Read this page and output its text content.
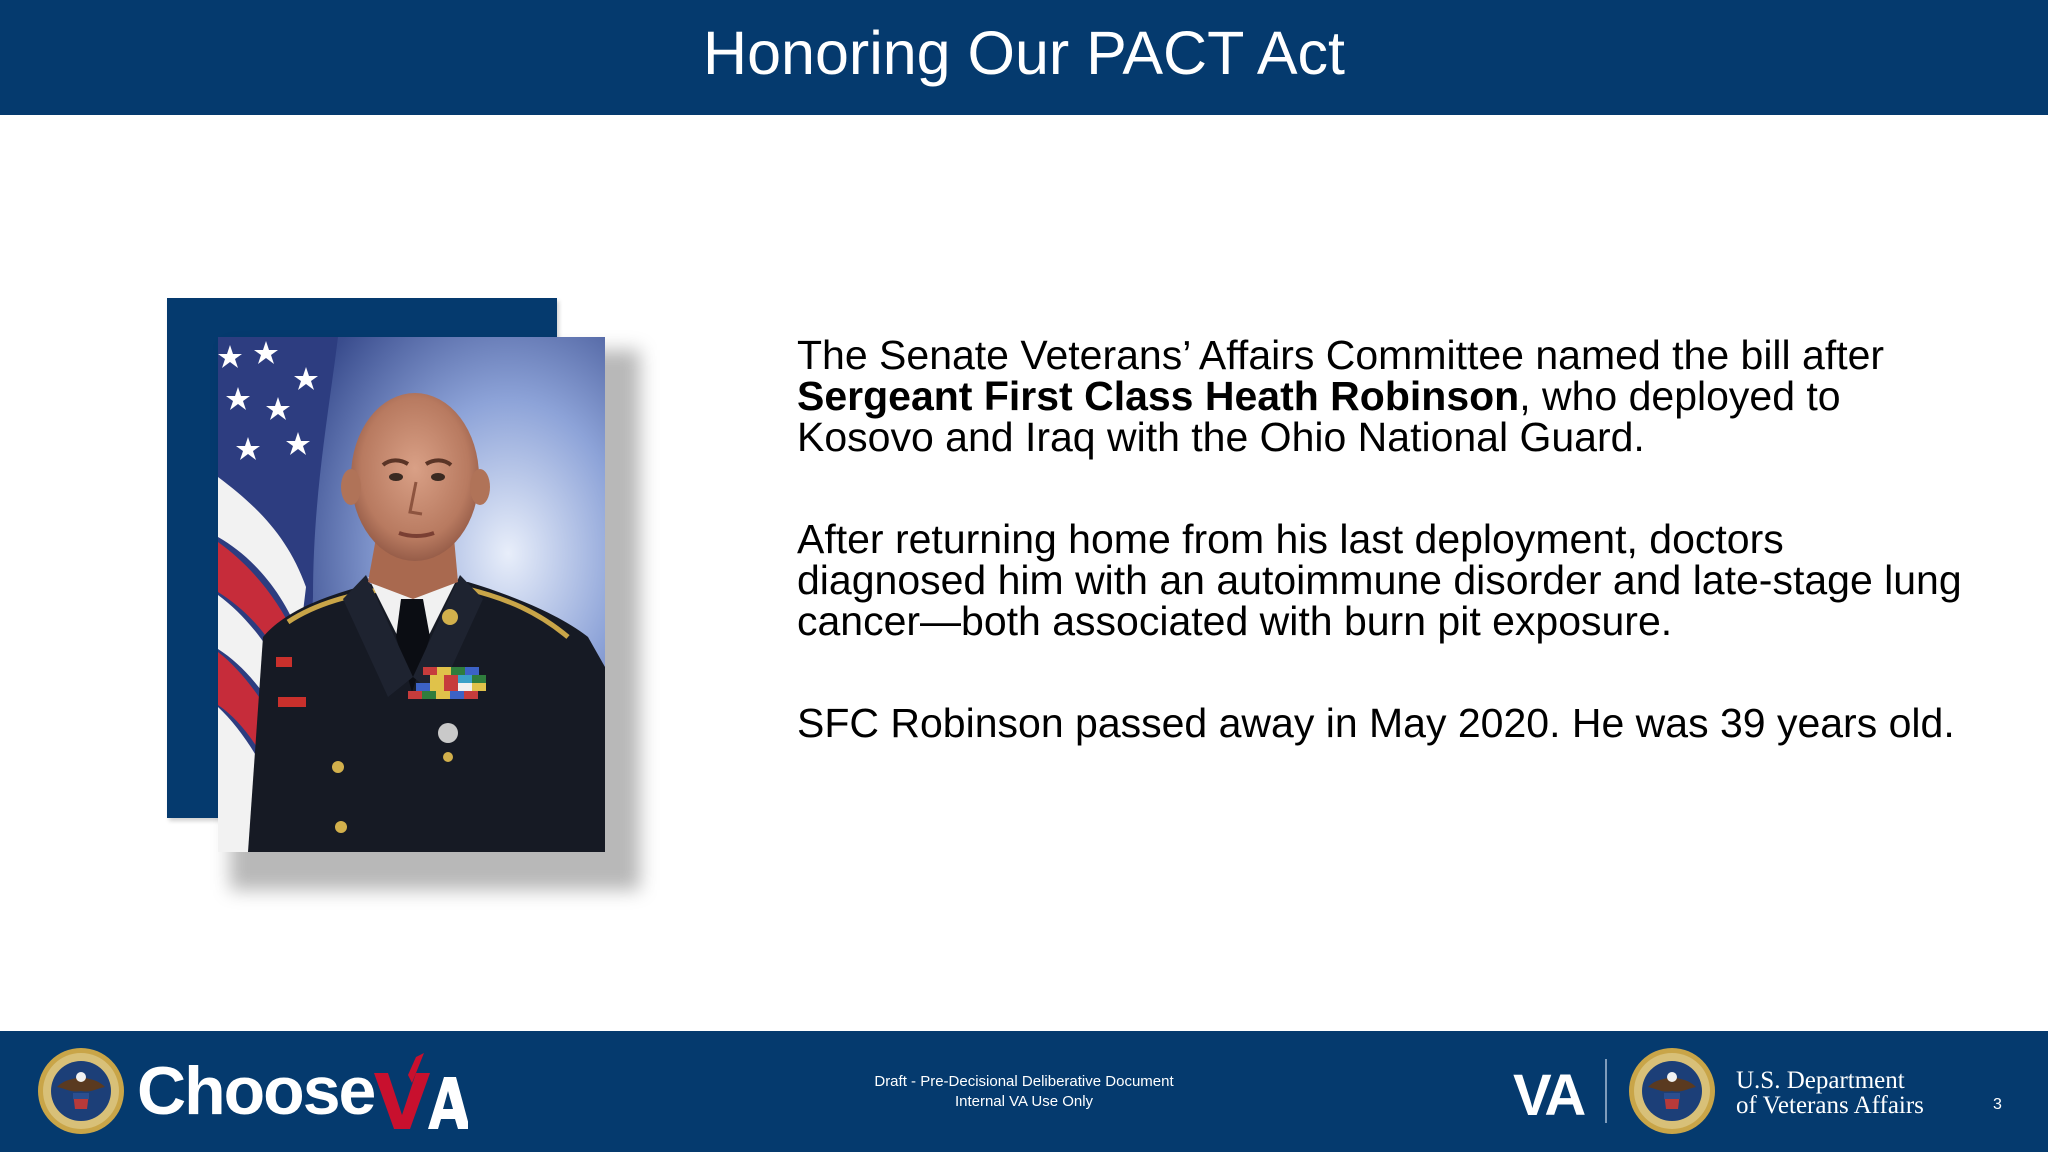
Honoring Our PACT Act

The Senate Veterans’ Affairs Committee named the bill after Sergeant First Class Heath Robinson, who deployed to Kosovo and Iraq with the Ohio National Guard.

After returning home from his last deployment, doctors diagnosed him with an autoimmune disorder and late-stage lung cancer—both associated with burn pit exposure.

SFC Robinson passed away in May 2020. He was 39 years old.

Choose	Draft - Pre-Decisional Deliberative Document
Internal VA Use Only	VA	U.S. Department
of Veterans Affairs	3
